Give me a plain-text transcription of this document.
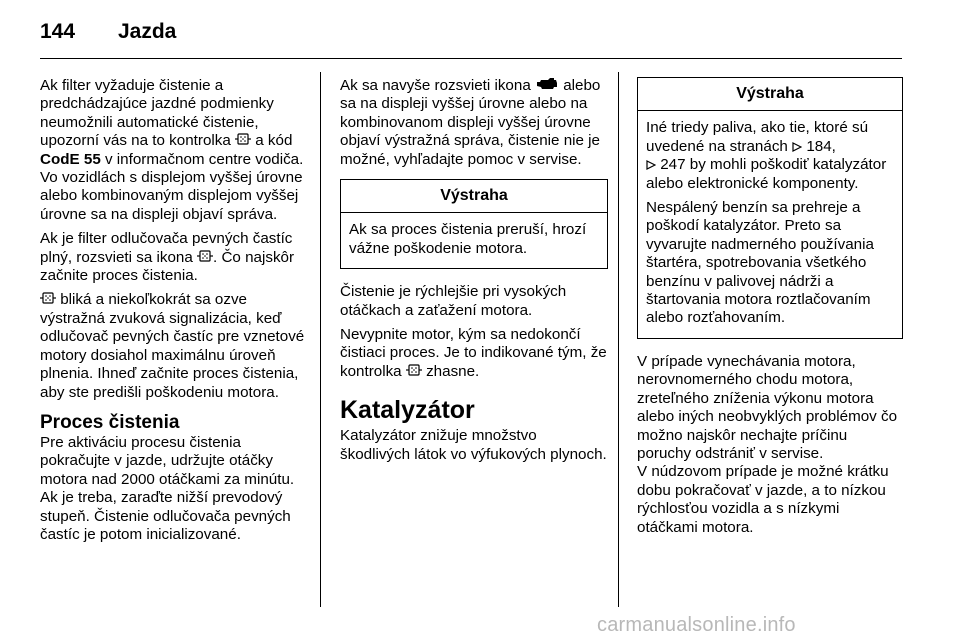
144 Jazda

Ak filter vyžaduje čistenie a predchádzajúce jazdné podmienky neumožnili automatické čistenie, upozorní vás na to kontrolka  a kód CodE 55 v informačnom centre vodiča. Vo vozidlách s displejom vyššej úrovne alebo kombinovaným displejom vyššej úrovne sa na displeji objaví správa.

Ak je filter odlučovača pevných častíc plný, rozsvieti sa ikona . Čo najskôr začnite proces čistenia.

bliká a niekoľkokrát sa ozve výstražná zvuková signalizácia, keď odlučovač pevných častíc pre vznetové motory dosiahol maximálnu úroveň plnenia. Ihneď začnite proces čistenia, aby ste predišli poškodeniu motora.

Proces čistenia

Pre aktiváciu procesu čistenia pokračujte v jazde, udržujte otáčky motora nad 2000 otáčkami za minútu. Ak je treba, zaraďte nižší prevodový stupeň. Čistenie odlučovača pevných častíc je potom inicializované.

Ak sa navyše rozsvieti ikona  alebo sa na displeji vyššej úrovne alebo na kombinovanom displeji vyššej úrovne objaví výstražná správa, čistenie nie je možné, vyhľadajte pomoc v servise.

Výstraha

Ak sa proces čistenia preruší, hrozí vážne poškodenie motora.

Čistenie je rýchlejšie pri vysokých otáčkach a zaťažení motora.

Nevypnite motor, kým sa nedokončí čistiaci proces. Je to indikované tým, že kontrolka  zhasne.

Katalyzátor

Katalyzátor znižuje množstvo škodlivých látok vo výfukových plynoch.

Výstraha

Iné triedy paliva, ako tie, ktoré sú uvedené na stranách  184,
247 by mohli poškodiť katalyzátor alebo elektronické komponenty.

Nespálený benzín sa prehreje a poškodí katalyzátor. Preto sa vyvarujte nadmerného používania štartéra, spotrebovania všetkého benzínu v palivovej nádrži a štartovania motora roztlačovaním alebo rozťahovaním.

V prípade vynechávania motora, nerovnomerného chodu motora, zreteľného zníženia výkonu motora alebo iných neobvyklých problémov čo možno najskôr nechajte príčinu poruchy odstrániť v servise.

V núdzovom prípade je možné krátku dobu pokračovať v jazde, a to nízkou rýchlosťou vozidla a s nízkymi otáčkami motora.

carmanualsonline.info
